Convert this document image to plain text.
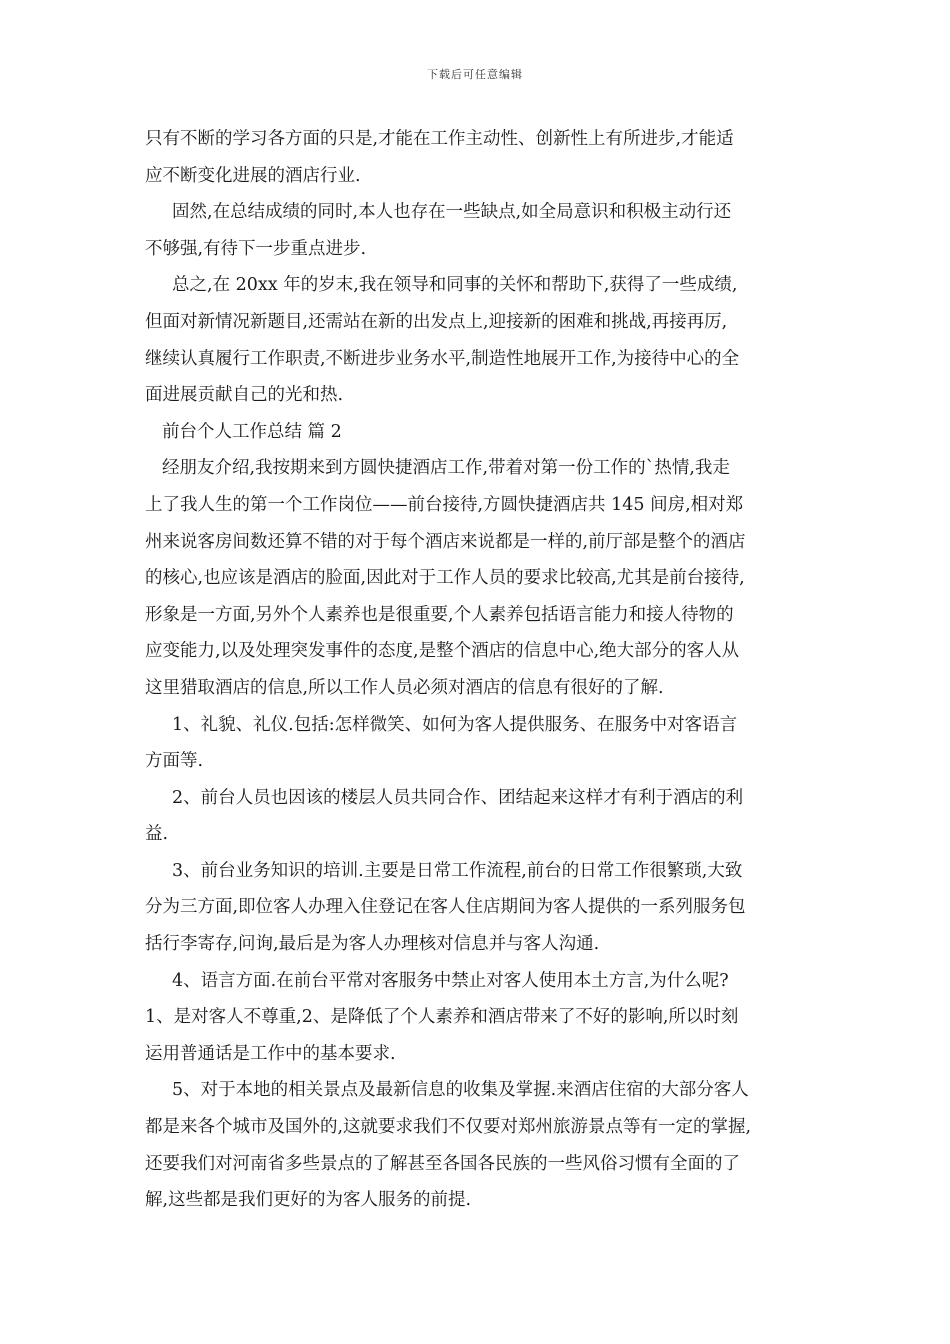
下载后可任意编辑
只有不断的学习各方面的只是,才能在工作主动性、创新性上有所进步,才能适
应不断变化进展的酒店行业.
固然,在总结成绩的同时,本人也存在一些缺点,如全局意识和积极主动行还
不够强,有待下一步重点进步.
总之,在 20xx 年的岁末,我在领导和同事的关怀和帮助下,获得了一些成绩,
但面对新情况新题目,还需站在新的出发点上,迎接新的困难和挑战,再接再厉,
继续认真履行工作职责,不断进步业务水平,制造性地展开工作,为接待中心的全
面进展贡献自己的光和热.
前台个人工作总结 篇 2
经朋友介绍,我按期来到方圆快捷酒店工作,带着对第一份工作的`热情,我走
上了我人生的第一个工作岗位——前台接待,方圆快捷酒店共 145 间房,相对郑
州来说客房间数还算不错的对于每个酒店来说都是一样的,前厅部是整个的酒店
的核心,也应该是酒店的脸面,因此对于工作人员的要求比较高,尤其是前台接待,
形象是一方面,另外个人素养也是很重要,个人素养包括语言能力和接人待物的
应变能力,以及处理突发事件的态度,是整个酒店的信息中心,绝大部分的客人从
这里猎取酒店的信息,所以工作人员必须对酒店的信息有很好的了解.
1、礼貌、礼仪.包括:怎样微笑、如何为客人提供服务、在服务中对客语言
方面等.
2、前台人员也因该的楼层人员共同合作、团结起来这样才有利于酒店的利
益.
3、前台业务知识的培训.主要是日常工作流程,前台的日常工作很繁琐,大致
分为三方面,即位客人办理入住登记在客人住店期间为客人提供的一系列服务包
括行李寄存,问询,最后是为客人办理核对信息并与客人沟通.
4、语言方面.在前台平常对客服务中禁止对客人使用本土方言,为什么呢?
1、是对客人不尊重,2、是降低了个人素养和酒店带来了不好的影响,所以时刻
运用普通话是工作中的基本要求.
5、对于本地的相关景点及最新信息的收集及掌握.来酒店住宿的大部分客人
都是来各个城市及国外的,这就要求我们不仅要对郑州旅游景点等有一定的掌握,
还要我们对河南省多些景点的了解甚至各国各民族的一些风俗习惯有全面的了
解,这些都是我们更好的为客人服务的前提.
